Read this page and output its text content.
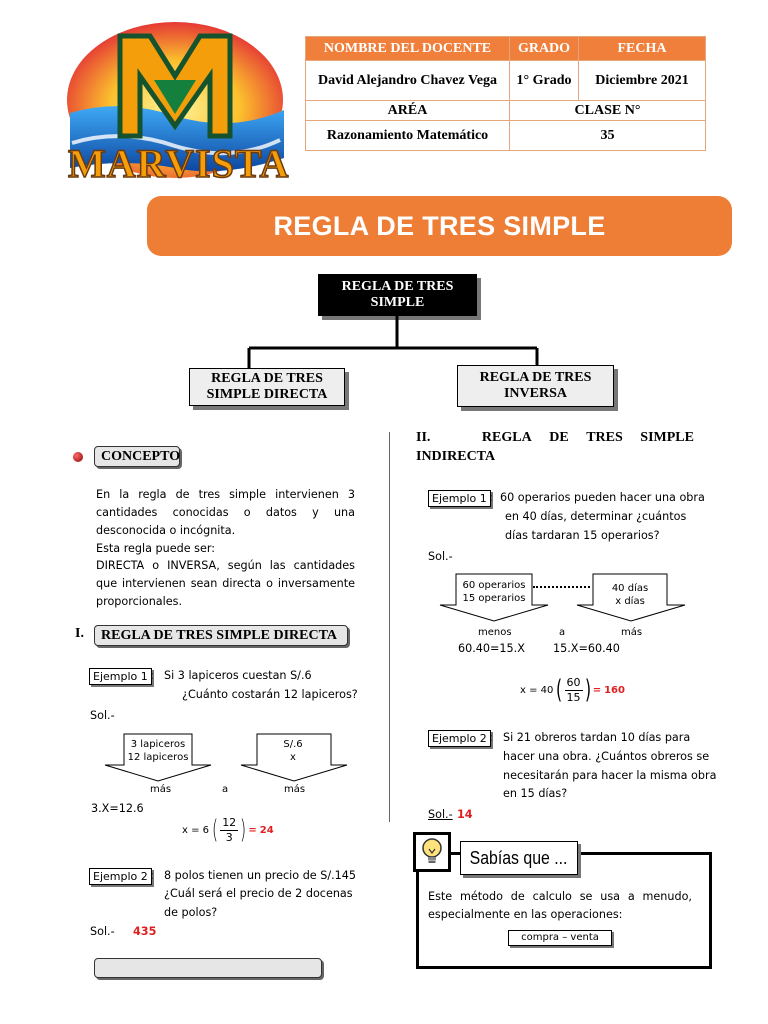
MARVISTA
NOMBRE DEL DOCENTE	GRADO	FECHA
David Alejandro Chavez Vega	1° Grado	Diciembre 2021
ARÉA	CLASE N°	
Razonamiento Matemático	35	
REGLA DE TRES SIMPLE
REGLA DE TRES SIMPLE
REGLA DE TRES SIMPLE DIRECTA
REGLA DE TRES INVERSA
CONCEPTO
En la regla de tres simple intervienen 3 cantidades conocidas o datos y una desconocida o incógnita.
Esta regla puede ser:
DIRECTA o INVERSA, según las cantidades que intervienen sean directa o inversamente proporcionales.
I.	REGLA DE TRES SIMPLE DIRECTA
Ejemplo 1 : Si 3 lapiceros cuestan S/.6
¿Cuánto costarán 12 lapiceros?
Sol.-
3 lapiceros
12 lapiceros
S/.6
x
más	a	más
3.X=12.6
x = 6 ( $\frac{12}{3}$ ) = 24
Ejemplo 2 : 8 polos tienen un precio de S/.145
¿Cuál será el precio de 2 docenas
de polos?
Sol.- 435
II.	REGLA DE TRES SIMPLE
INDIRECTA
Ejemplo 1 : 60 operarios pueden hacer una obra
en 40 días, determinar ¿cuántos
días tardaran 15 operarios?
Sol.-
60 operarios
15 operarios
40 días
x días
menos	a	más
60.40=15.X	15.X=60.40
x = 40 ( $\frac{60}{15}$ ) = 160
Ejemplo 2 : Si 21 obreros tardan 10 días para
hacer una obra. ¿Cuántos obreros se
necesitarán para hacer la misma obra
en 15 días?
Sol.- 14
Sabías que ...
Este método de calculo se usa a menudo, especialmente en las operaciones:
compra – venta
